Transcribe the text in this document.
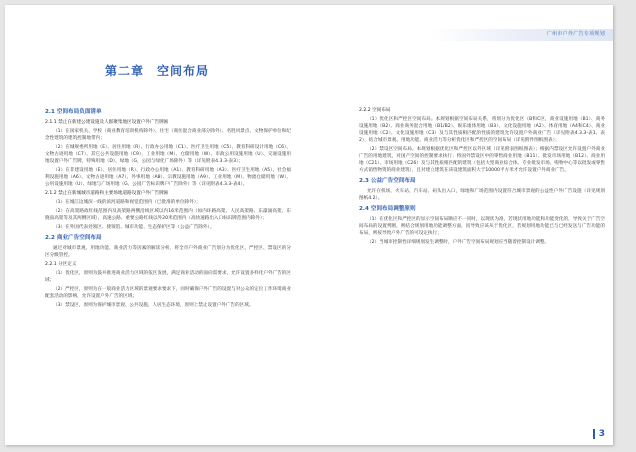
广州市户外广告专项规划
第二章　空间布局
2.1 空间布局负面清单
2.1.1 禁止在新建公建设施及人群聚集地区设置户外广告牌匾

（1）在国家机关、学校（商业教育培训机构除外）、住宅（商住混合商业部分除外）、名胜风景点、文物保护单位和纪念性建筑的建筑控制地带内；

（2）在城规委所用地（E）、居住用地（R）、行政办公用地（C1）、医疗卫生用地（C5）、教育科研设计用地（C6）、文物古迹用地（C7）、其它公共设施用地（C9）、工业用地（M）、仓储用地（W）、市政公用设施用地（U）、交通设施用地设置户外广告牌，特殊用地（D）、绿地（G，公园与绿化广场除外）等（详见附表4.3.3-表3）；

（3）在非建设用地（E）、居住用地（R）、行政办公用地（A1）、教育科研用地（A3）、医疗卫生用地（A5）、社会福利设施用地（A6）、文物古迹用地（A7）、外事用地（A8）、宗教设施用地（A9）、工业用地（M）、物流仓储用地（W）、公用设施用地（U）、绿地与广场用地（G，公园广告标识牌户广告除外）等（详见附表4.3.3-表4）。

2.1.2 禁止在新城城市道路和主要场地道路设置户外广告牌匾

（1）在城江边城滨一线的滨河道路和视觉范围内（已批准的单位除外）；

（2）在高架路政红线范围内及高架路两侧沿线区域以内16米范围内（如内环路高架、人民高架路、东濠涌高架、东晓南高架等及其两侧区域），高速公路、重要公路红线以外20米范围内（高快速路出入口标识牌范围内除外）；

（3）在外国代表处领区、使领馆、城市功能、生态保护区等（公益广告除外）。

2.2 商业广告空间布局

通过对城市景观、用地功能、商业活力等因素的解读分析，将全市户外商业广告划分为优化区、严控区、禁设区的分区分级管控。

2.2.1 分区定义

（1）优化区，原则为鼓并推进商业活力区域的依区发展，满足商业活动的面向需要求，允许设置多样化户外广告的区域；

（2）严控区，原则为在一般商业活力区域的景观要求要求下，同时确保户外广告的设置与对公众的定位工作环境商业配套活动的影响，允许设置户外广告的区域；

（3）禁设区，原则为保护城市景观、公共设施、人居生态环境，原则上禁止设置户外广告的区域。

2.2.2 空间布局

（1）优化区和严控区空间布局。本规划根据空间布局关系，将划分为优化区（B和C区，商业设施用地（B1）、商务设施用地（B2）、商业商务混合用地（B1/B2）、娱乐康体用地（B3）、文化设施用地（A2）、体育用地（A4和C4）、商业设施用地（C2）、文化设施用地（C3）及与其性质相匹配的性质的建筑允许设置户外商业广告（详见附表4.3.3-表1、表2），结合城市景观、用地功能、商业活力等分析优化区和严控区的空间布局（详见附件图纸图表）；

（2）禁设区空间布局。本规划根据优化区和严控区以外区域（详见附表图纸图表）；根据内禁设区允许设置户外商业广告的用地建筑，对国产空间的控制要求执行；将国外禁设区中的零售商业用地（B11）、批发市场用地（B12）、商业用地（C21）、市场用地（C26）及与其性质相匹配的建筑（包括大型商业综合体、专业批发市场、购物中心等以批发或零售方式销售物资的商业建筑），且对建立建筑在该设建筑面积大于10000平方米才允许设置户外商业广告。

2.3 公益广告空间布局

允许在机场、火车站、汽车站、码头出入口，绿地和广场范围内设置符合城市景观的公益性户外广告设施（详见规划图纸4.2）。

2.4 空间布局调整原则

（1）在优化区和严控区的显示空间布局顺应不一同时，以现状为准，若现状用地功能和功能变化的，导致关于广告空间布局的设置判断，则结合规划用地功能调整方面，因导致应该从于优化区，若规划用地功能已与已经发送与广告功能的布局，则按导致户外广告的可设定执行；

（2）当城市控制性详细规划发生调整时，户外广告空间布局规划应当随着控制设计调整。

3
